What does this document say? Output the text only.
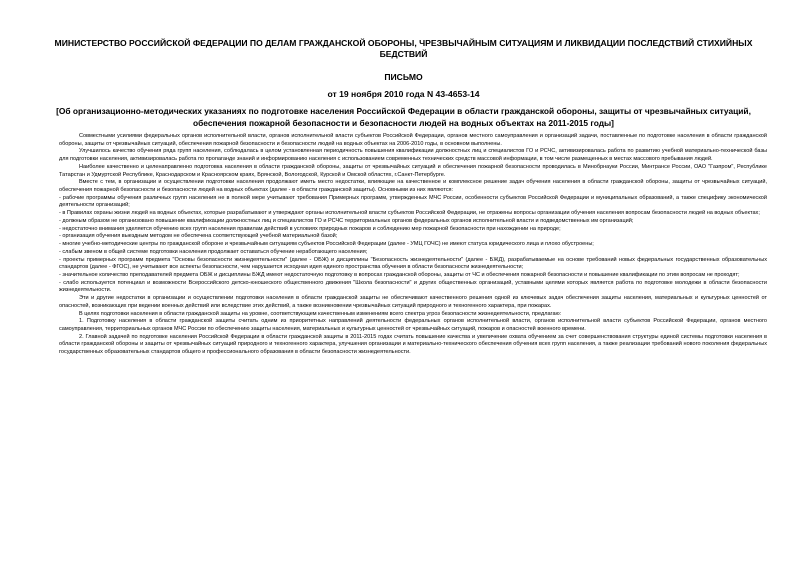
МИНИСТЕРСТВО РОССИЙСКОЙ ФЕДЕРАЦИИ ПО ДЕЛАМ ГРАЖДАНСКОЙ ОБОРОНЫ, ЧРЕЗВЫЧАЙНЫМ СИТУАЦИЯМ И ЛИКВИДАЦИИ ПОСЛЕДСТВИЙ СТИХИЙНЫХ БЕДСТВИЙ

ПИСЬМО

от 19 ноября 2010 года N 43-4653-14

[Об организационно-методических указаниях по подготовке населения Российской Федерации в области гражданской обороны, защиты от чрезвычайных ситуаций, обеспечения пожарной безопасности и безопасности людей на водных объектах на 2011-2015 годы]

Совместными усилиями федеральных органов исполнительной власти, органов исполнительной власти субъектов Российской Федерации, органов местного самоуправления и организаций задачи, поставленные по подготовке населения в области гражданской обороны, защиты от чрезвычайных ситуаций, обеспечения пожарной безопасности и безопасности людей на водных объектах на 2006-2010 годы, в основном выполнены.

Улучшилось качество обучения ряда групп населения, соблюдалась в целом установленная периодичность повышения квалификации должностных лиц и специалистов ГО и РСЧС, активизировалась работа по развитию учебной материально-технической базы для подготовки населения, активизировалась работа по пропаганде знаний и информированию населения с использованием современных технических средств массовой информации, в том числе размещенных в местах массового пребывания людей.

Наиболее качественно и целенаправленно подготовка населения в области гражданской обороны, защиты от чрезвычайных ситуаций и обеспечения пожарной безопасности проводилась в Минобрнауки России, Минтрансе России, ОАО "Газпром", Республике Татарстан и Удмуртской Республике, Краснодарском и Красноярском краях, Брянской, Вологодской, Курской и Омской областях, г.Санкт-Петербурге.

Вместе с тем, в организации и осуществлении подготовки населения продолжают иметь место недостатки, влияющие на качественное и комплексное решение задач обучения населения в области гражданской обороны, защиты от чрезвычайных ситуаций, обеспечения пожарной безопасности и безопасности людей на водных объектах (далее - в области гражданской защиты). Основными из них являются:

- рабочие программы обучения различных групп населения не в полной мере учитывают требования Примерных программ, утвержденных МЧС России, особенности субъектов Российской Федерации и муниципальных образований, а также специфику экономической деятельности организаций;

- в Правилах охраны жизни людей на водных объектах, которые разрабатывают и утверждают органы исполнительной власти субъектов Российской Федерации, не отражены вопросы организации обучения населения вопросам безопасности людей на водных объектах;

- должным образом не организовано повышение квалификации должностных лиц и специалистов ГО и РСЧС территориальных органов федеральных органов исполнительной власти и подведомственных им организаций;

- недостаточно внимания уделяется обучению всех групп населения правилам действий в условиях природных пожаров и соблюдению мер пожарной безопасности при нахождении на природе;

- организация обучения выездным методом не обеспечена соответствующей учебной материальной базой;

- многие учебно-методические центры по гражданской обороне и чрезвычайным ситуациям субъектов Российской Федерации (далее - УМЦ ГОЧС) не имеют статуса юридического лица и плохо обустроены;

- слабым звеном в общей системе подготовки населения продолжает оставаться обучение неработающего населения;

- проекты примерных программ предмета "Основы безопасности жизнедеятельности" (далее - ОБЖ) и дисциплины "Безопасность жизнедеятельности" (далее - БЖД), разрабатываемые на основе требований новых федеральных государственных образовательных стандартов (далее - ФГОС), не учитывают все аспекты безопасности, чем нарушается исходная идея единого пространства обучения в области безопасности жизнедеятельности;

- значительное количество преподавателей предмета ОБЖ и дисциплины БЖД имеют недостаточную подготовку в вопросах гражданской обороны, защиты от ЧС и обеспечения пожарной безопасности и повышение квалификации по этим вопросам не проходят;

- слабо используется потенциал и возможности Всероссийского детско-юношеского общественного движения "Школа безопасности" и других общественных организаций, уставными целями которых является работа по подготовке молодежи в области безопасности жизнедеятельности.

Эти и другие недостатки в организации и осуществлении подготовки населения в области гражданской защиты не обеспечивают качественного решения одной из ключевых задач обеспечения защиты населения, материальных и культурных ценностей от опасностей, возникающих при ведении военных действий или вследствие этих действий, а также возникновении чрезвычайных ситуаций природного и техногенного характера, при пожарах.

В целях подготовки населения в области гражданской защиты на уровне, соответствующем качественным изменениям всего спектра угроз безопасности жизнедеятельности, предлагаю:

1. Подготовку населения в области гражданской защиты считать одним из приоритетных направлений деятельности федеральных органов исполнительной власти, органов исполнительной власти субъектов Российской Федерации, органов местного самоуправления, территориальных органов МЧС России по обеспечению защиты населения, материальных и культурных ценностей от чрезвычайных ситуаций, пожаров и опасностей военного времени.

2. Главной задачей по подготовке населения Российской Федерации в области гражданской защиты в 2011-2015 годах считать повышение качества и увеличение охвата обучением за счет совершенствования структуры единой системы подготовки населения в области гражданской обороны и защиты от чрезвычайных ситуаций природного и техногенного характера, улучшения организации и материально-технического обеспечения обучения всех групп населения, а также реализации требований нового поколения федеральных государственных образовательных стандартов общего и профессионального образования в области безопасности жизнедеятельности.
